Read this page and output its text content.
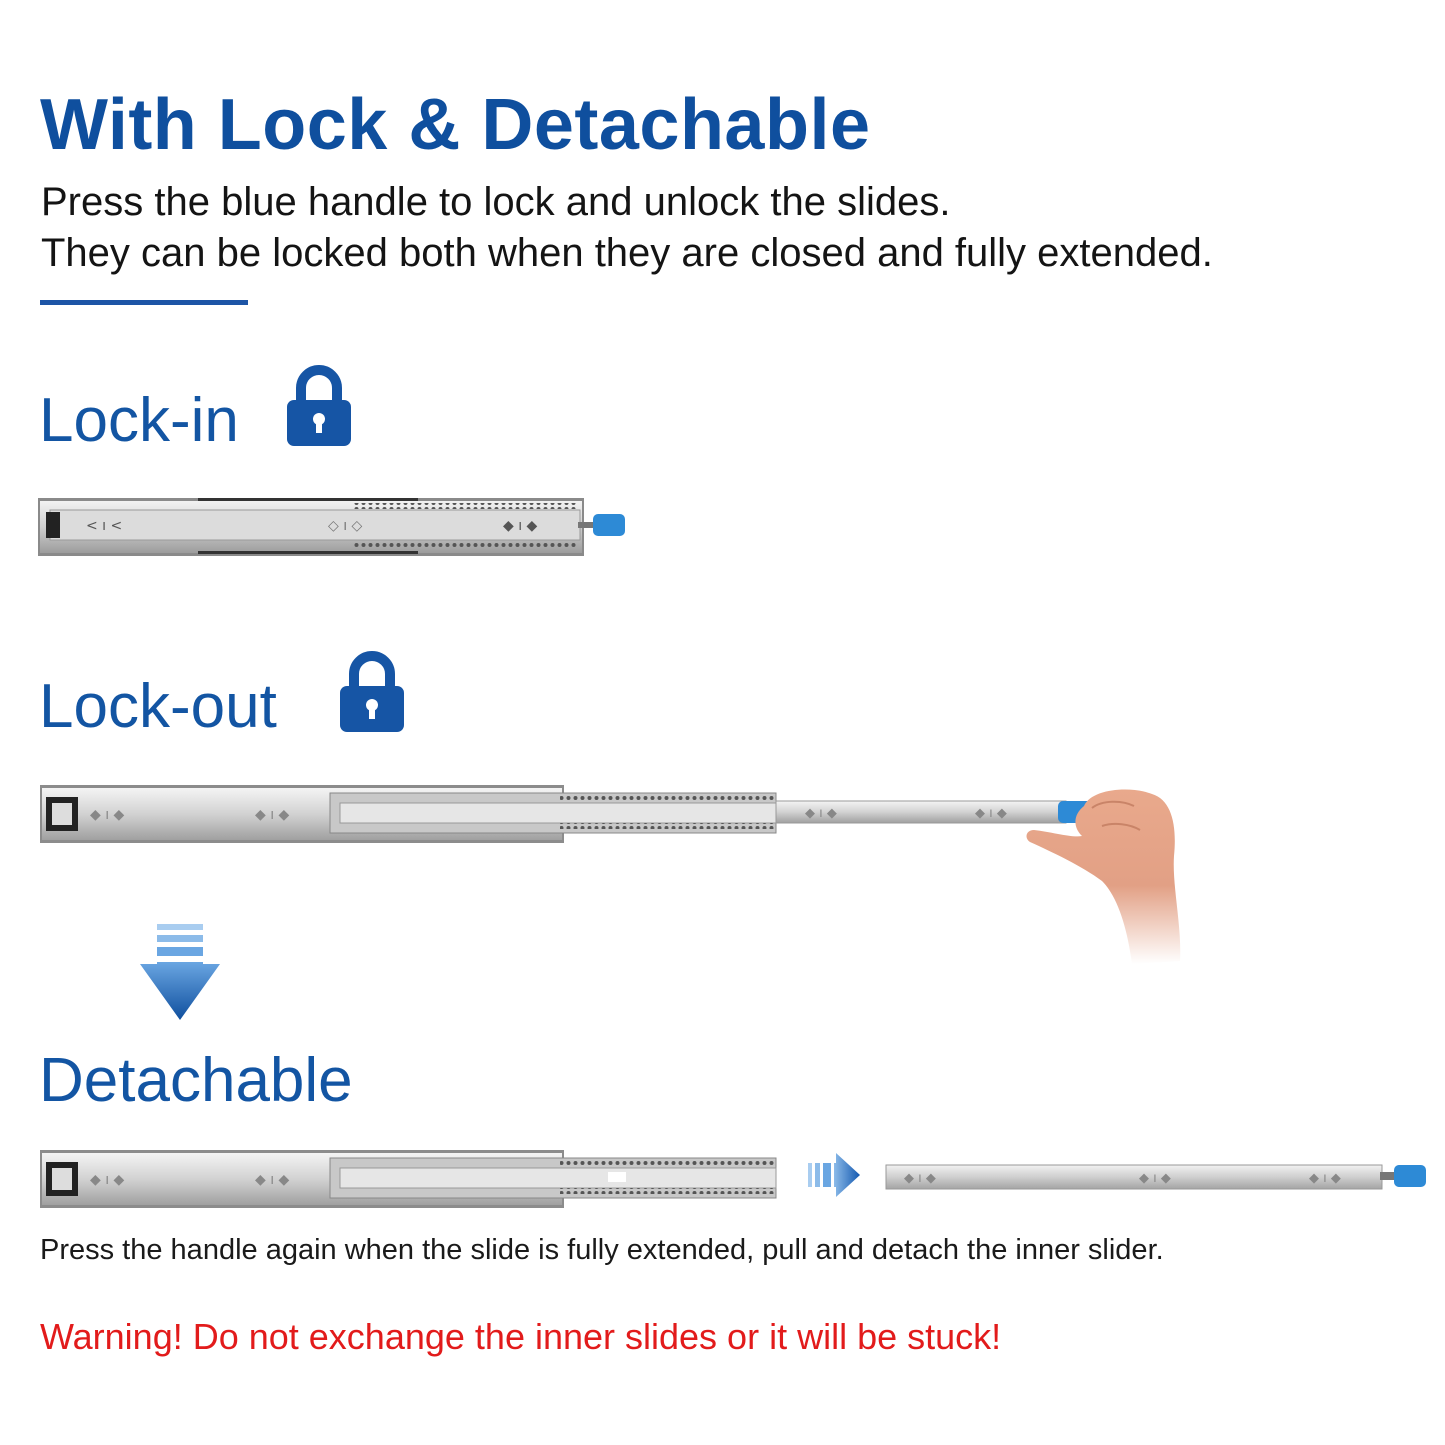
With Lock & Detachable
Press the blue handle to lock and unlock the slides.
They can be locked both when they are closed and fully extended.
Lock-in
< ı <	◇ ı ◇	◆ ı ◆
Lock-out
◆ ı ◆	◆ ı ◆	◆ ı ◆	◆ ı ◆
Detachable
◆ ı ◆	◆ ı ◆	◆ ı ◆	◆ ı ◆	◆ ı ◆
Press the handle again when the slide is fully extended, pull and detach the inner slider.
Warning! Do not exchange the inner slides or it will be stuck!
